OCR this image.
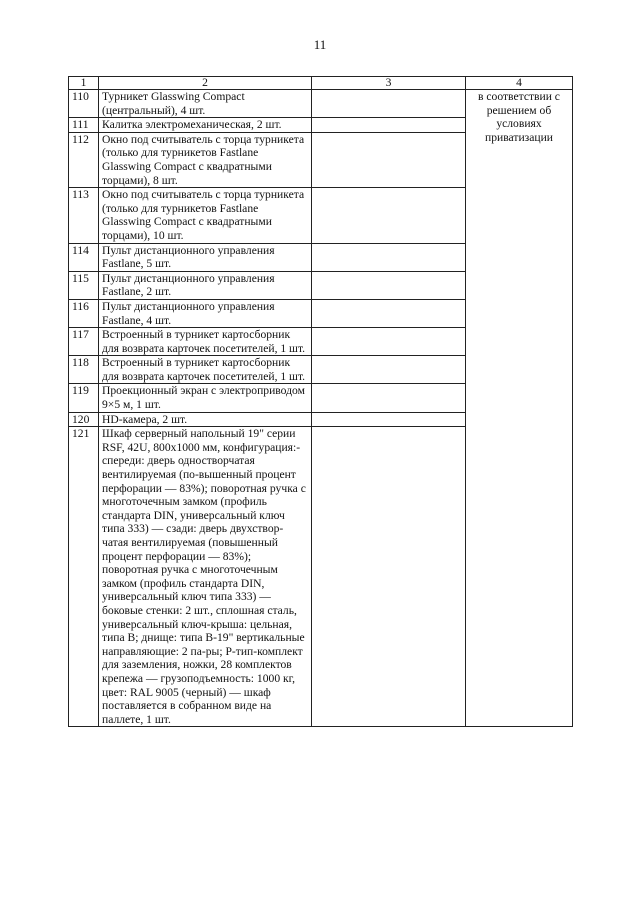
11
1	2	3	4
110	Турникет Glasswing Compact (центральный), 4 шт.		в соответствии с решением об условиях приватизации
111	Калитка электромеханическая, 2 шт.		
112	Окно под считыватель с торца турникета (только для турникетов Fastlane Glasswing Compact с квадратными торцами), 8 шт.		
113	Окно под считыватель с торца турникета (только для турникетов Fastlane Glasswing Compact с квадратными торцами), 10 шт.		
114	Пульт дистанционного управления Fastlane, 5 шт.		
115	Пульт дистанционного управления Fastlane, 2 шт.		
116	Пульт дистанционного управления Fastlane, 4 шт.		
117	Встроенный в турникет картосборник для возврата карточек посетителей, 1 шт.		
118	Встроенный в турникет картосборник для возврата карточек посетителей, 1 шт.		
119	Проекционный экран с электроприводом 9×5 м, 1 шт.		
120	HD-камера, 2 шт.		
121	Шкаф серверный напольный 19" серии RSF, 42U, 800х1000 мм, конфигурация:-спереди: дверь одностворчатая вентилируемая (по-вышенный процент перфорации — 83%); поворотная ручка с многоточечным замком (профиль стандарта DIN, универсальный ключ типа 333) — сзади: дверь двухствор-чатая вентилируемая (повышенный процент перфорации — 83%); поворотная ручка с многоточечным замком (профиль стандарта DIN, универсальный ключ типа 333) — боковые стенки: 2 шт., сплошная сталь, универсальный ключ-крыша: цельная, типа В; днище: типа В-19" вертикальные направляющие: 2 па-ры; Р-тип-комплект для заземления, ножки, 28 комплектов крепежа — грузоподъемность: 1000 кг, цвет: RAL 9005 (черный) — шкаф поставляется в собранном виде на паллете, 1 шт.		
